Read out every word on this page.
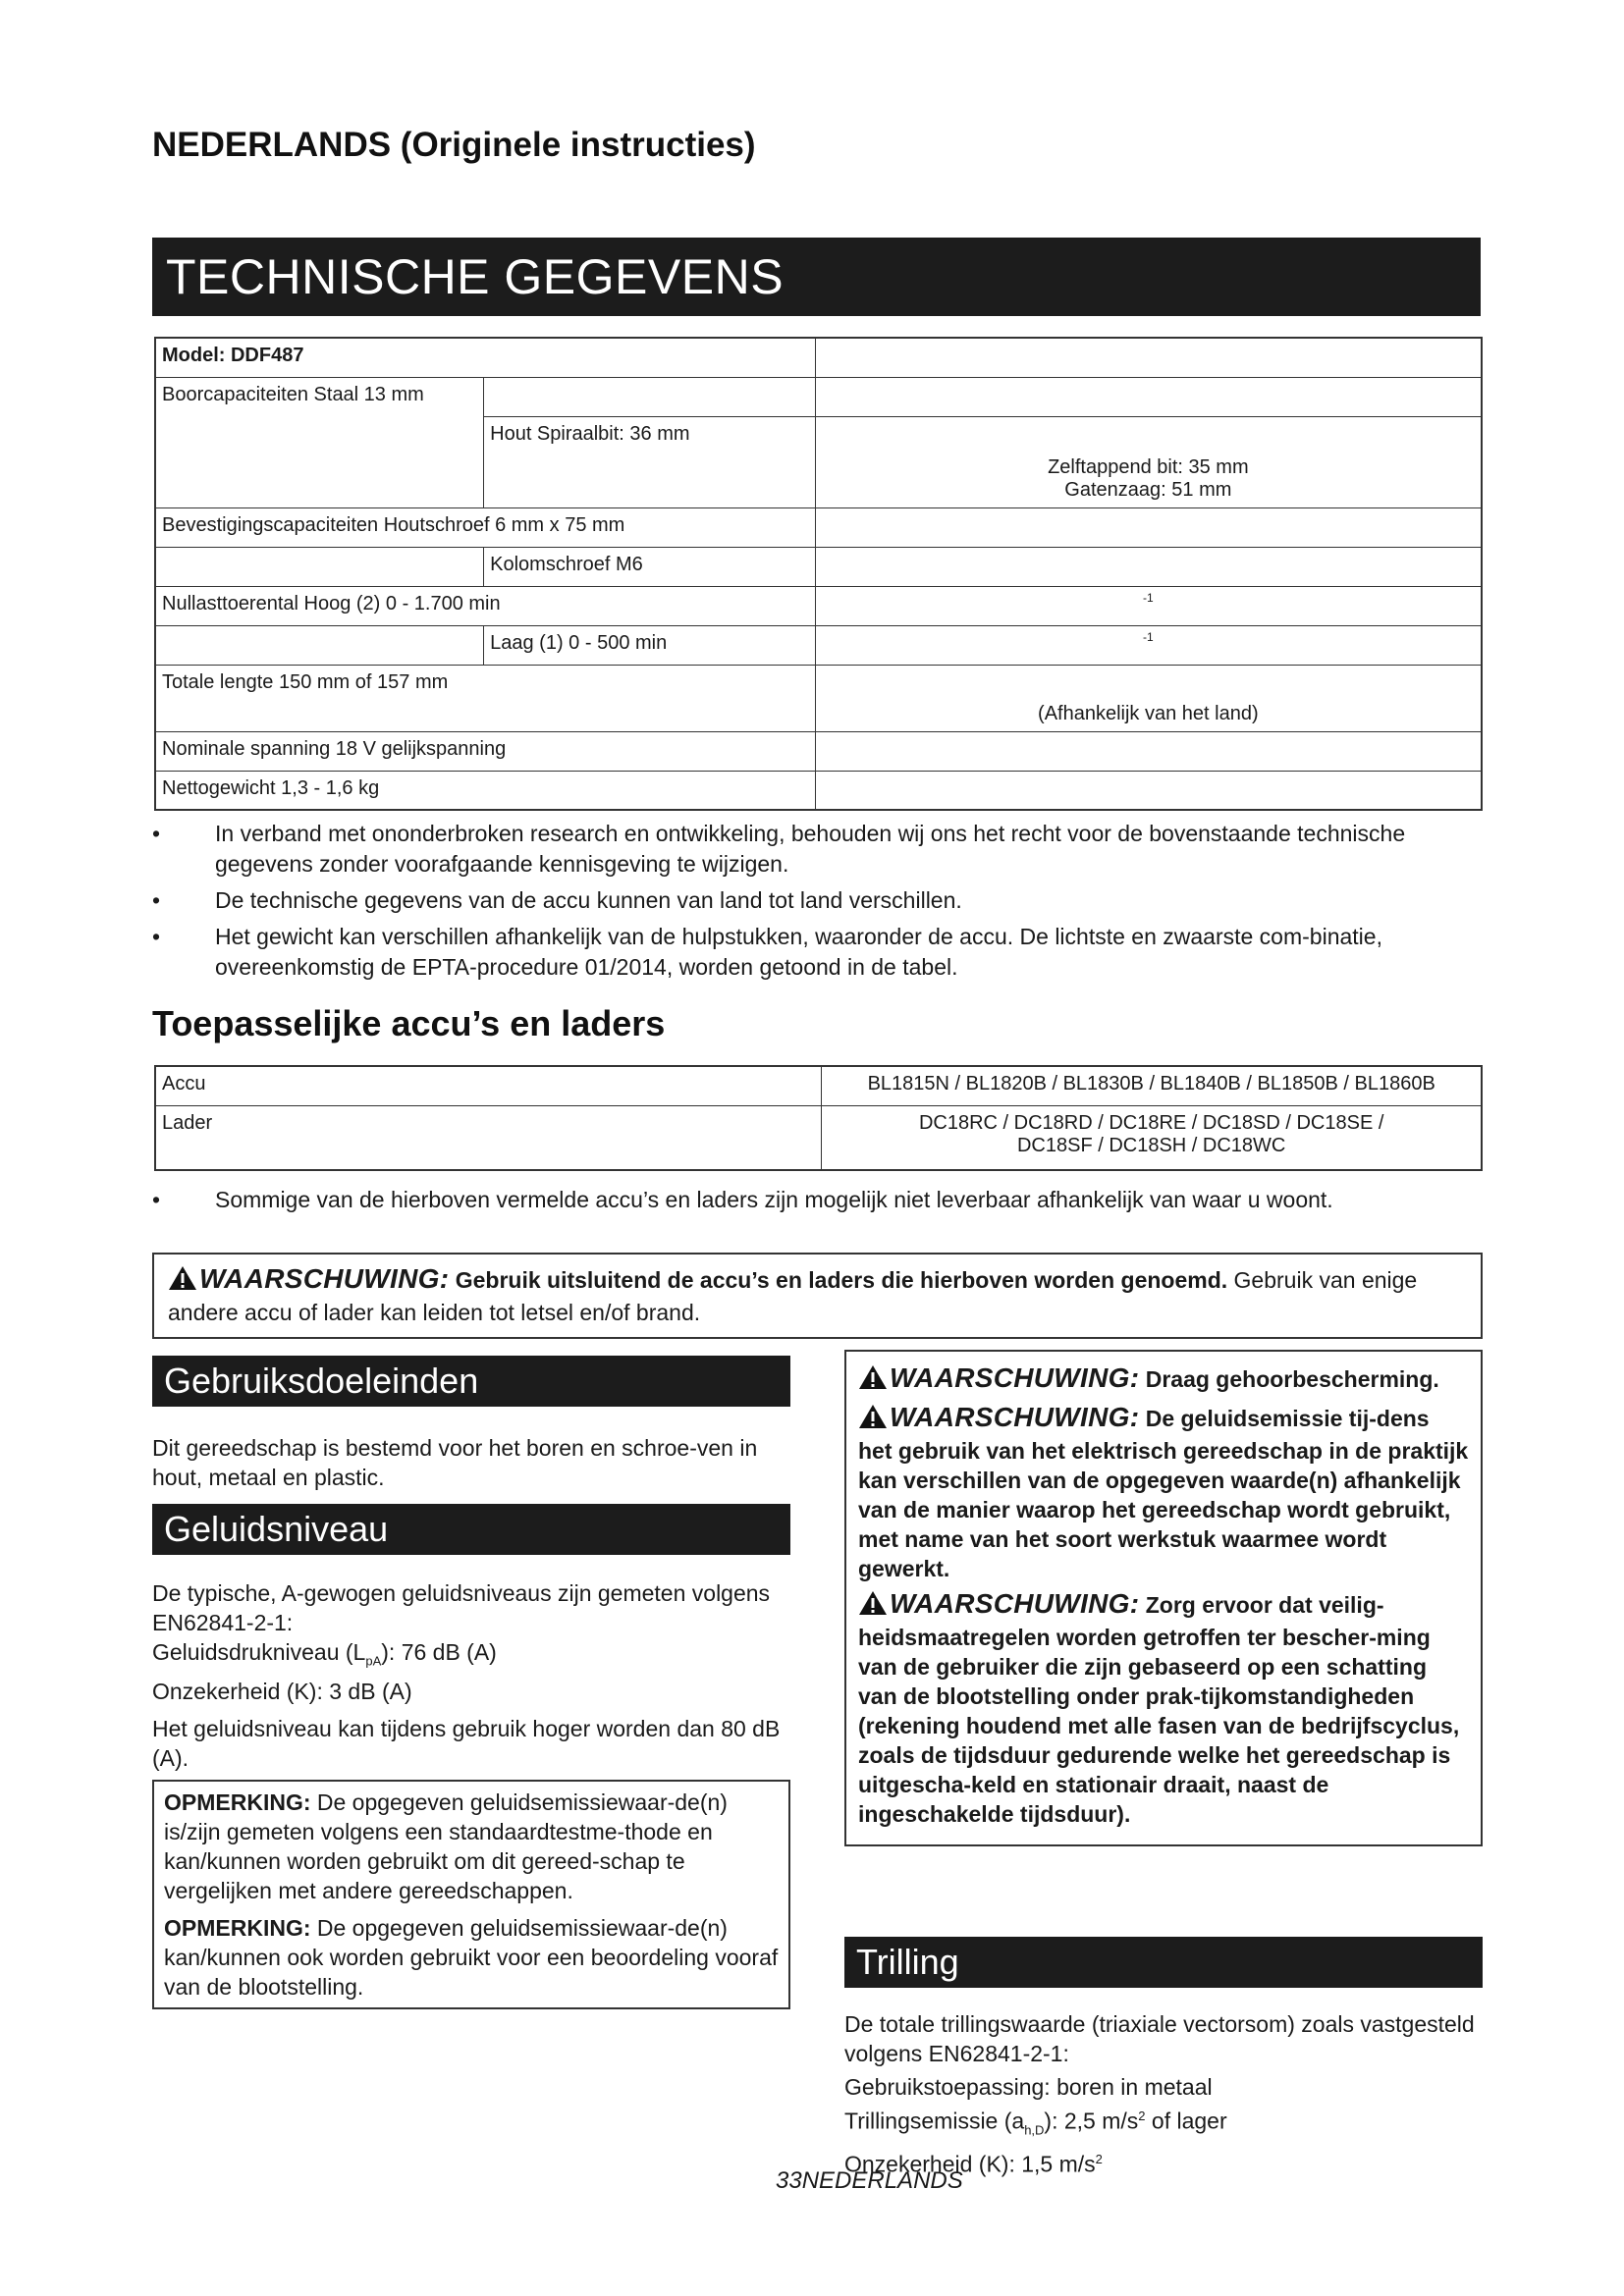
NEDERLANDS (Originele instructies)
TECHNISCHE GEGEVENS
Model: DDF487		
Boorcapaciteiten Staal 13 mm		
	Hout Spiraalbit: 36 mm	Zelftappend bit: 35 mm
Gatenzaag: 51 mm

Bevestigingscapaciteiten Houtschroef 6 mm x 75 mm		
	Kolomschroef M6	
Nullasttoerental Hoog (2) 0 - 1.700 min		$^{-1}$
	Laag (1) 0 - 500 min	$^{-1}$
Totale lengte 150 mm of 157 mm		(Afhankelijk van het land)
Nominale spanning 18 V gelijkspanning		
Nettogewicht 1,3 - 1,6 kg		
• In verband met ononderbroken research en ontwikkeling, behouden wij ons het recht voor de bovenstaande technische gegevens zonder voorafgaande kennisgeving te wijzigen.
• De technische gegevens van de accu kunnen van land tot land verschillen.
• Het gewicht kan verschillen afhankelijk van de hulpstukken, waaronder de accu. De lichtste en zwaarste com-binatie, overeenkomstig de EPTA-procedure 01/2014, worden getoond in de tabel.
Toepasselijke accu’s en laders
Accu	BL1815N / BL1820B / BL1830B / BL1840B / BL1850B / BL1860B
Lader	DC18RC / DC18RD / DC18RE / DC18SD / DC18SE / DC18SF / DC18SH / DC18WC
• Sommige van de hierboven vermelde accu’s en laders zijn mogelijk niet leverbaar afhankelijk van waar u woont.
WAARSCHUWING: Gebruik uitsluitend de accu’s en laders die hierboven worden genoemd. Gebruik van enige andere accu of lader kan leiden tot letsel en/of brand.
Gebruiksdoeleinden
Dit gereedschap is bestemd voor het boren en schroe-ven in hout, metaal en plastic.
Geluidsniveau
De typische, A-gewogen geluidsniveaus zijn gemeten volgens EN62841-2-1:
Geluidsdrukniveau $(L_{pA})$: 76 dB (A)
Onzekerheid (K): 3 dB (A)
Het geluidsniveau kan tijdens gebruik hoger worden dan 80 dB (A).
OPMERKING: De opgegeven geluidsemissiewaar-de(n) is/zijn gemeten volgens een standaardtestme-thode en kan/kunnen worden gebruikt om dit gereed-schap te vergelijken met andere gereedschappen.
OPMERKING: De opgegeven geluidsemissiewaar-de(n) kan/kunnen ook worden gebruikt voor een beoordeling vooraf van de blootstelling.

WAARSCHUWING: Draag gehoorbescherming.

WAARSCHUWING: De geluidsemissie tij-dens het gebruik van het elektrisch gereedschap in de praktijk kan verschillen van de opgegeven waarde(n) afhankelijk van de manier waarop het gereedschap wordt gebruikt, met name van het soort werkstuk waarmee wordt gewerkt.

WAARSCHUWING: Zorg ervoor dat veilig-heidsmaatregelen worden getroffen ter bescher-ming van de gebruiker die zijn gebaseerd op een schatting van de blootstelling onder prak-tijkomstandigheden (rekening houdend met alle fasen van de bedrijfscyclus, zoals de tijdsduur gedurende welke het gereedschap is uitgescha-keld en stationair draait, naast de ingeschakelde tijdsduur).

Trilling
De totale trillingswaarde (triaxiale vectorsom) zoals vastgesteld volgens EN62841-2-1:
Gebruikstoepassing: boren in metaal
Trillingsemissie $(a_{h,D})$: 2,5 $m/s^2$ of lager
Onzekerheid (K): 1,5 $m/s^2$
33NEDERLANDS
